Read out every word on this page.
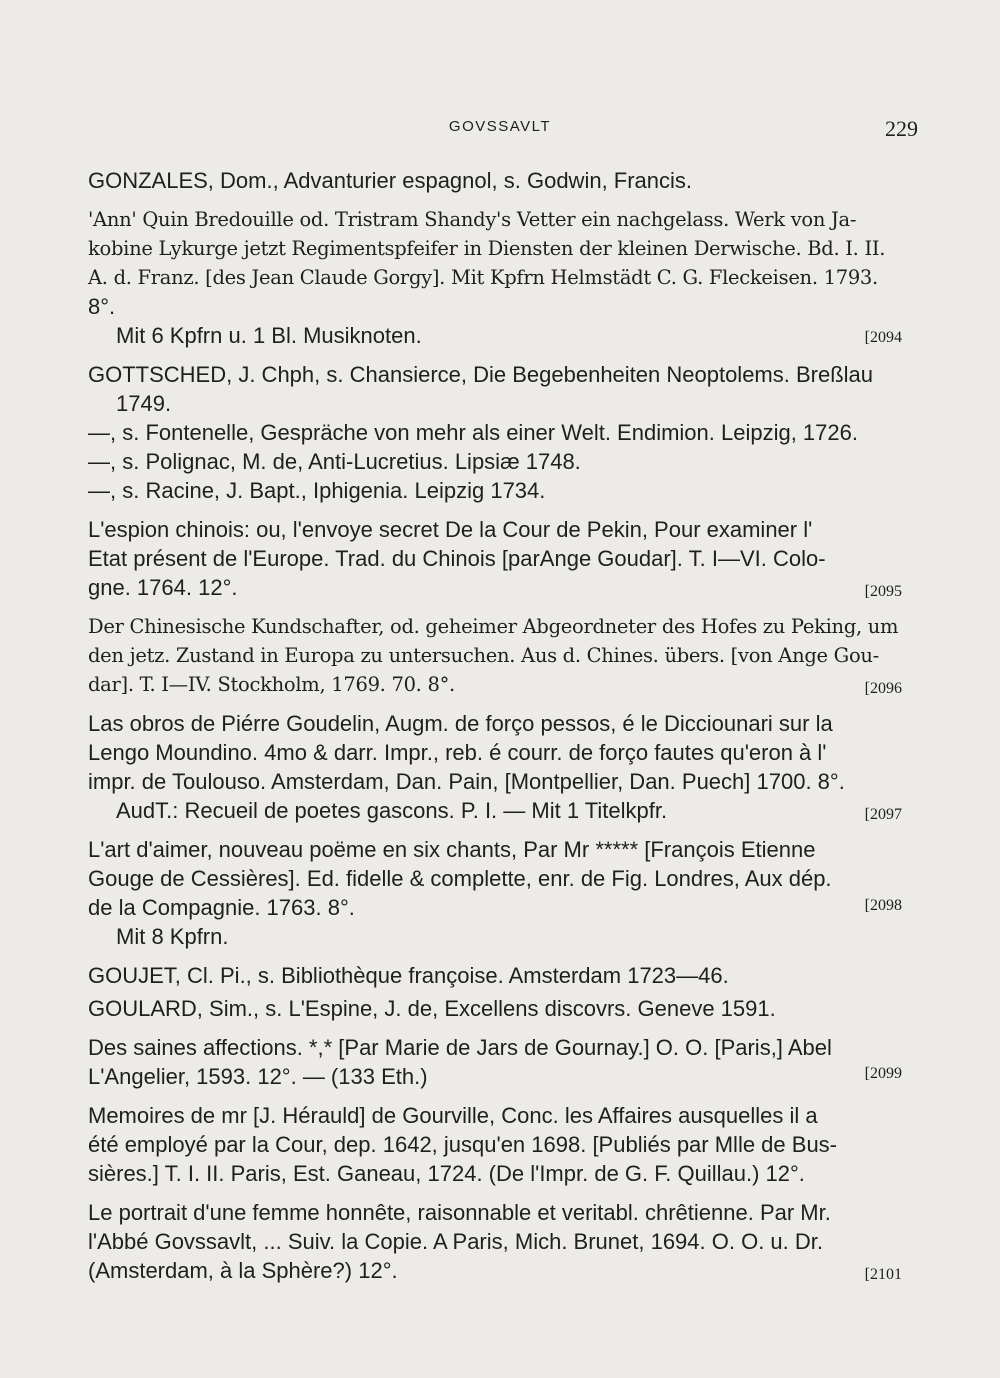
GOVSSAVLT	229
GONZALES, Dom., Advanturier espagnol, s. Godwin, Francis.
'Ann' Quin Bredouille od. Tristram Shandy's Vetter ein nachgelass. Werk von Ja-
kobine Lykurge jetzt Regimentspfeifer in Diensten der kleinen Derwische. Bd. I. II.
A. d. Franz. [des Jean Claude Gorgy]. Mit Kpfrn Helmstädt C. G. Fleckeisen. 1793.
8°.
[2094
Mit 6 Kpfrn u. 1 Bl. Musiknoten.
GOTTSCHED, J. Chph, s. Chansierce, Die Begebenheiten Neoptolems. Breßlau
1749.
—, s. Fontenelle, Gespräche von mehr als einer Welt. Endimion. Leipzig, 1726.
—, s. Polignac, M. de, Anti-Lucretius. Lipsiæ 1748.
—, s. Racine, J. Bapt., Iphigenia. Leipzig 1734.
L'espion chinois: ou, l'envoye secret De la Cour de Pekin, Pour examiner l'
Etat présent de l'Europe. Trad. du Chinois [parAnge Goudar]. T. I—VI. Colo-
gne. 1764. 12°.	[2095
Der Chinesische Kundschafter, od. geheimer Abgeordneter des Hofes zu Peking, um
den jetz. Zustand in Europa zu untersuchen. Aus d. Chines. übers. [von Ange Gou-
dar]. T. I—IV. Stockholm, 1769. 70. 8°.	[2096
Las obros de Piérre Goudelin, Augm. de forço pessos, é le Dicciounari sur la
Lengo Moundino. 4mo & darr. Impr., reb. é courr. de forço fautes qu'eron à l'
impr. de Toulouso. Amsterdam, Dan. Pain, [Montpellier, Dan. Puech] 1700. 8°.
AudT.: Recueil de poetes gascons. P. I. — Mit 1 Titelkpfr.	[2097
L'art d'aimer, nouveau poëme en six chants, Par Mr ***** [François Etienne
Gouge de Cessières]. Ed. fidelle & complette, enr. de Fig. Londres, Aux dép.
de la Compagnie. 1763. 8°.	[2098
Mit 8 Kpfrn.
GOUJET, Cl. Pi., s. Bibliothèque françoise. Amsterdam 1723—46.
GOULARD, Sim., s. L'Espine, J. de, Excellens discovrs. Geneve 1591.
Des saines affections. *,* [Par Marie de Jars de Gournay.] O. O. [Paris,] Abel
L'Angelier, 1593. 12°. — (133 Eth.)	[2099
Memoires de mr [J. Hérauld] de Gourville, Conc. les Affaires ausquelles il a
été employé par la Cour, dep. 1642, jusqu'en 1698. [Publiés par Mlle de Bus-
sières.] T. I. II. Paris, Est. Ganeau, 1724. (De l'Impr. de G. F. Quillau.) 12°.
Le portrait d'une femme honnête, raisonnable et veritabl. chrêtienne. Par Mr.
l'Abbé Govssavlt, ... Suiv. la Copie. A Paris, Mich. Brunet, 1694. O. O. u. Dr.
(Amsterdam, à la Sphère?) 12°.	[2101
